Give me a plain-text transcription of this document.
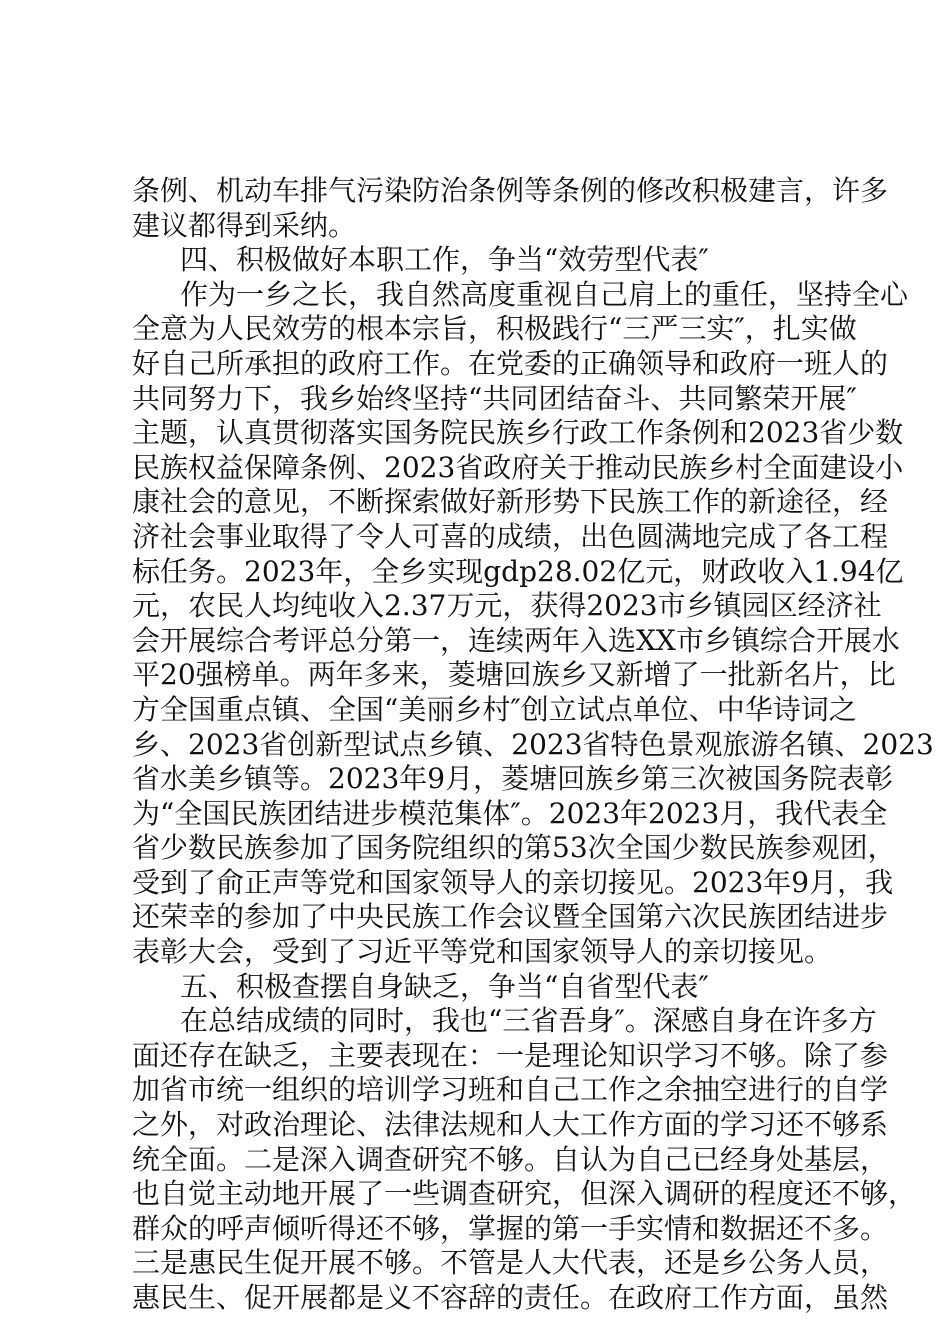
条例、机动车排气污染防治条例等条例的修改积极建言，许多
建议都得到采纳。
四、积极做好本职工作，争当“效劳型代表″
作为一乡之长，我自然高度重视自己肩上的重任，坚持全心
全意为人民效劳的根本宗旨，积极践行“三严三实″，扎实做
好自己所承担的政府工作。在党委的正确领导和政府一班人的
共同努力下，我乡始终坚持“共同团结奋斗、共同繁荣开展″
主题，认真贯彻落实国务院民族乡行政工作条例和2023省少数
民族权益保障条例、2023省政府关于推动民族乡村全面建设小
康社会的意见，不断探索做好新形势下民族工作的新途径，经
济社会事业取得了令人可喜的成绩，出色圆满地完成了各工程
标任务。2023年，全乡实现gdp28.02亿元，财政收入1.94亿
元，农民人均纯收入2.37万元，获得2023市乡镇园区经济社
会开展综合考评总分第一，连续两年入选XX市乡镇综合开展水
平20强榜单。两年多来，菱塘回族乡又新增了一批新名片，比
方全国重点镇、全国“美丽乡村″创立试点单位、中华诗词之
乡、2023省创新型试点乡镇、2023省特色景观旅游名镇、2023
省水美乡镇等。2023年9月，菱塘回族乡第三次被国务院表彰
为“全国民族团结进步模范集体″。2023年2023月，我代表全
省少数民族参加了国务院组织的第53次全国少数民族参观团，
受到了俞正声等党和国家领导人的亲切接见。2023年9月，我
还荣幸的参加了中央民族工作会议暨全国第六次民族团结进步
表彰大会，受到了习近平等党和国家领导人的亲切接见。
五、积极查摆自身缺乏，争当“自省型代表″
在总结成绩的同时，我也“三省吾身″。深感自身在许多方
面还存在缺乏，主要表现在：一是理论知识学习不够。除了参
加省市统一组织的培训学习班和自己工作之余抽空进行的自学
之外，对政治理论、法律法规和人大工作方面的学习还不够系
统全面。二是深入调查研究不够。自认为自己已经身处基层，
也自觉主动地开展了一些调查研究，但深入调研的程度还不够，
群众的呼声倾听得还不够，掌握的第一手实情和数据还不多。
三是惠民生促开展不够。不管是人大代表，还是乡公务人员，
惠民生、促开展都是义不容辞的责任。在政府工作方面，虽然
